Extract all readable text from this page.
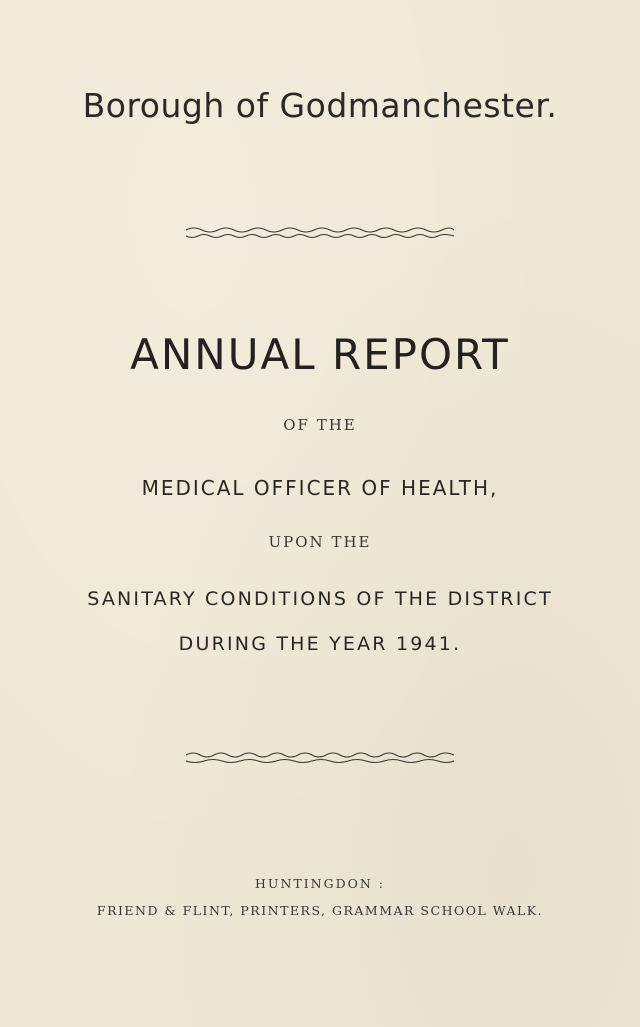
Borough of Godmanchester.
ANNUAL REPORT
OF THE
MEDICAL OFFICER OF HEALTH,
UPON THE
SANITARY CONDITIONS OF THE DISTRICT
DURING THE YEAR 1941.
HUNTINGDON :
FRIEND & FLINT, PRINTERS, GRAMMAR SCHOOL WALK.
